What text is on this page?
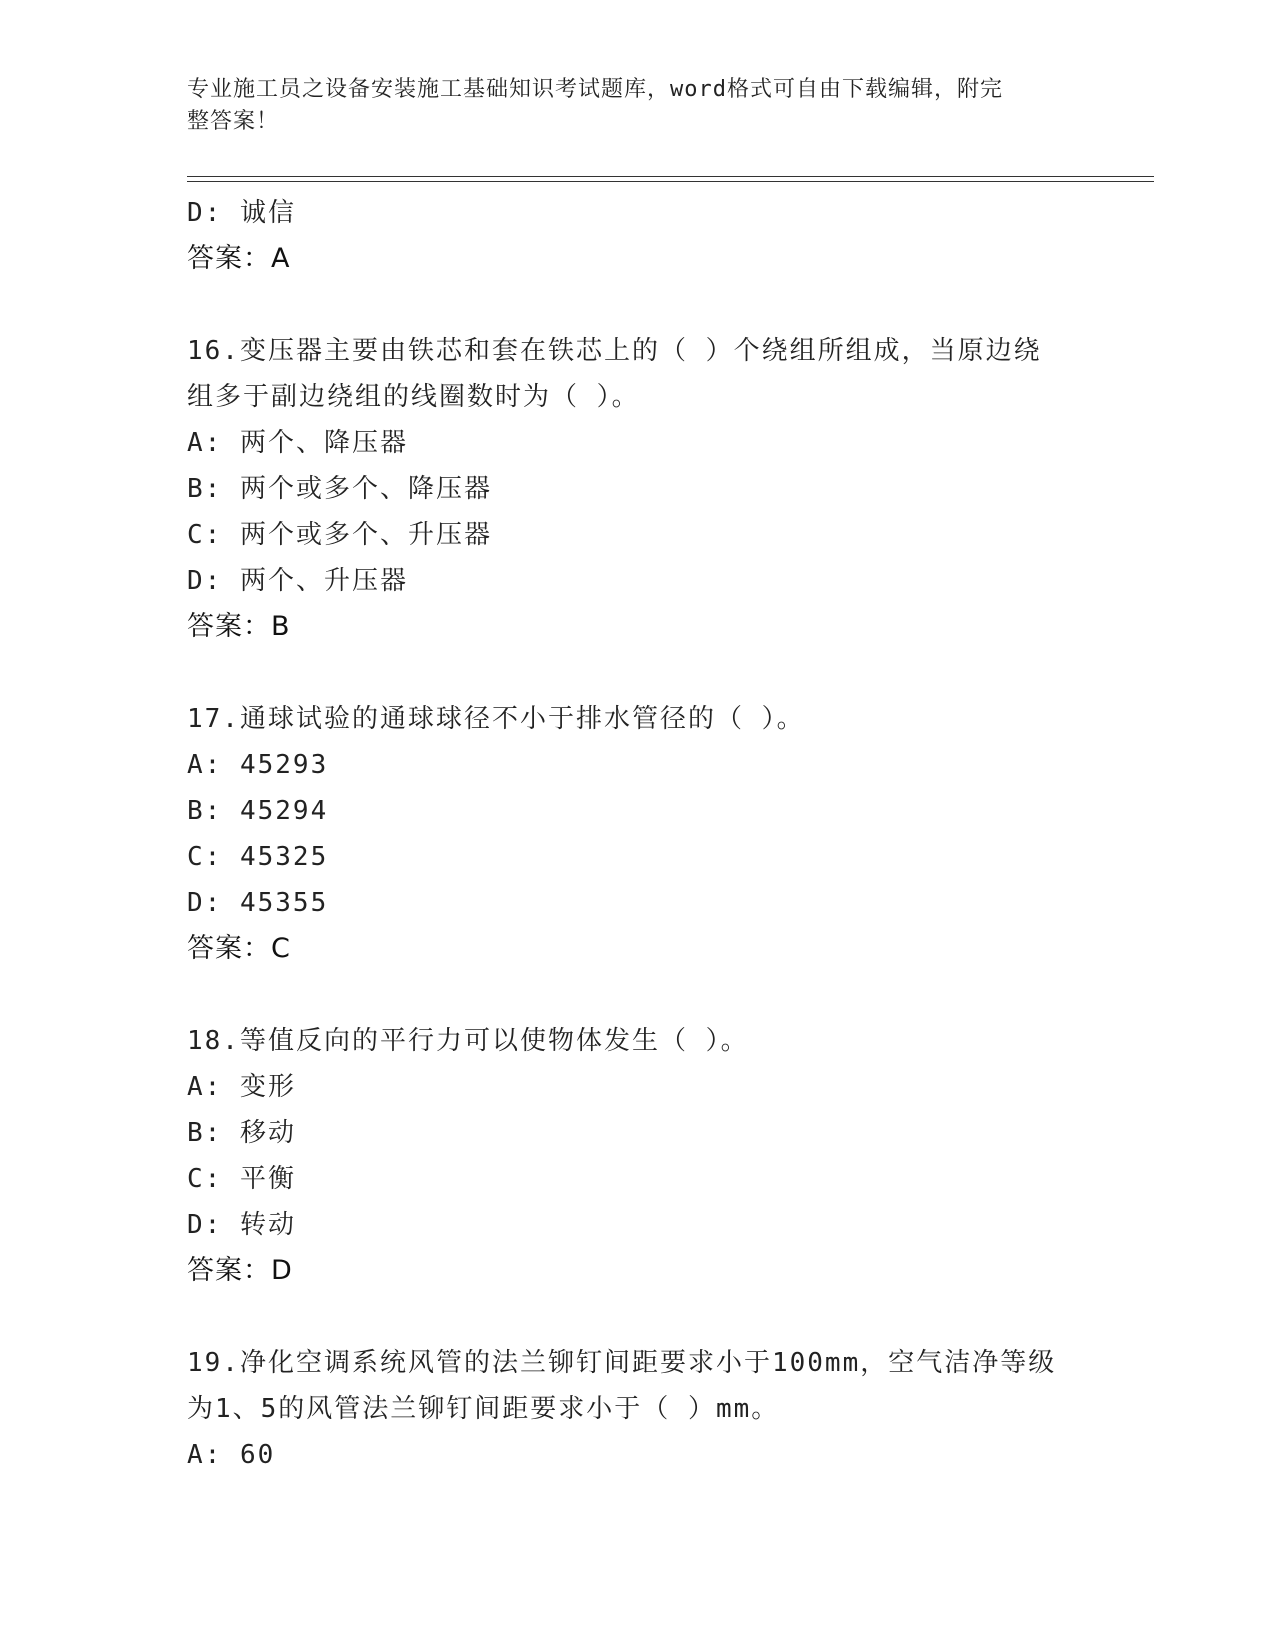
专业施工员之设备安装施工基础知识考试题库，word格式可自由下载编辑，附完
整答案！
D: 诚信
答案：A
16.变压器主要由铁芯和套在铁芯上的（ ）个绕组所组成，当原边绕
组多于副边绕组的线圈数时为（ ）。
A: 两个、降压器
B: 两个或多个、降压器
C: 两个或多个、升压器
D: 两个、升压器
答案：B
17.通球试验的通球球径不小于排水管径的（ ）。
A: 45293
B: 45294
C: 45325
D: 45355
答案：C
18.等值反向的平行力可以使物体发生（ ）。
A: 变形
B: 移动
C: 平衡
D: 转动
答案：D
19.净化空调系统风管的法兰铆钉间距要求小于100mm，空气洁净等级
为1、5的风管法兰铆钉间距要求小于（ ）mm。
A: 60
